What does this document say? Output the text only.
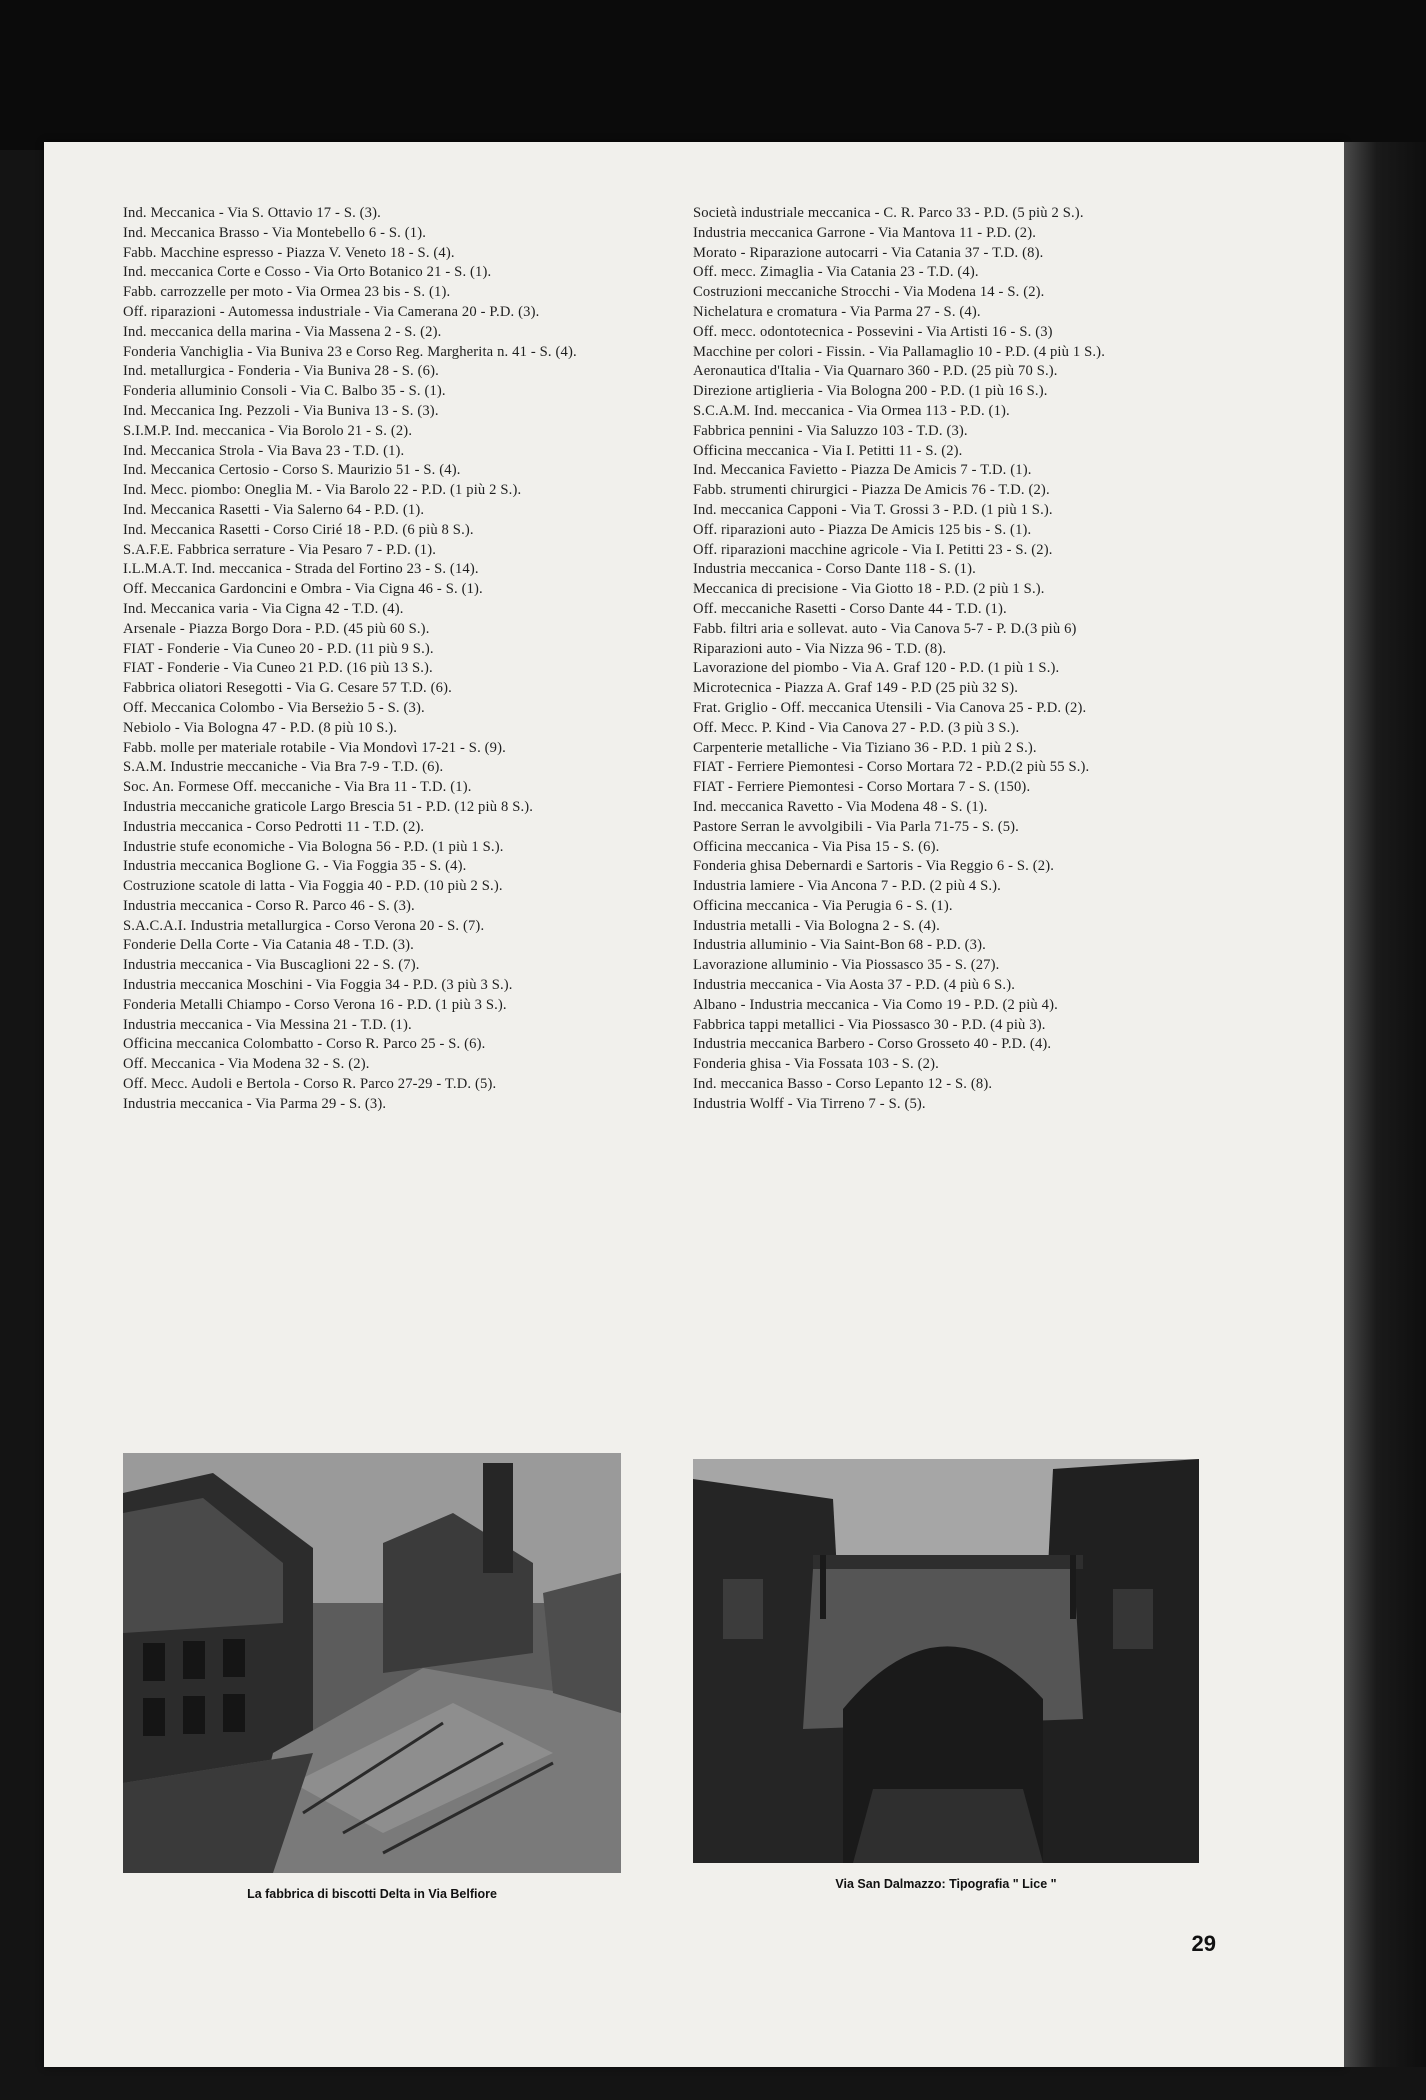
Ind. Meccanica - Via S. Ottavio 17 - S. (3).

Ind. Meccanica Brasso - Via Montebello 6 - S. (1).

Fabb. Macchine espresso - Piazza V. Veneto 18 - S. (4).

Ind. meccanica Corte e Cosso - Via Orto Botanico 21 - S. (1).

Fabb. carrozzelle per moto - Via Ormea 23 bis - S. (1).

Off. riparazioni - Automessa industriale - Via Camerana 20 - P.D. (3).

Ind. meccanica della marina - Via Massena 2 - S. (2).

Fonderia Vanchiglia - Via Buniva 23 e Corso Reg. Margherita n. 41 - S. (4).

Ind. metallurgica - Fonderia - Via Buniva 28 - S. (6).

Fonderia alluminio Consoli - Via C. Balbo 35 - S. (1).

Ind. Meccanica Ing. Pezzoli - Via Buniva 13 - S. (3).

S.I.M.P. Ind. meccanica - Via Borolo 21 - S. (2).

Ind. Meccanica Strola - Via Bava 23 - T.D. (1).

Ind. Meccanica Certosio - Corso S. Maurizio 51 - S. (4).

Ind. Mecc. piombo: Oneglia M. - Via Barolo 22 - P.D. (1 più 2 S.).

Ind. Meccanica Rasetti - Via Salerno 64 - P.D. (1).

Ind. Meccanica Rasetti - Corso Cirié 18 - P.D. (6 più 8 S.).

S.A.F.E. Fabbrica serrature - Via Pesaro 7 - P.D. (1).

I.L.M.A.T. Ind. meccanica - Strada del Fortino 23 - S. (14).

Off. Meccanica Gardoncini e Ombra - Via Cigna 46 - S. (1).

Ind. Meccanica varia - Via Cigna 42 - T.D. (4).

Arsenale - Piazza Borgo Dora - P.D. (45 più 60 S.).

FIAT - Fonderie - Via Cuneo 20 - P.D. (11 più 9 S.).

FIAT - Fonderie - Via Cuneo 21 P.D. (16 più 13 S.).

Fabbrica oliatori Resegotti - Via G. Cesare 57 T.D. (6).

Off. Meccanica Colombo - Via Berseżio 5 - S. (3).

Nebiolo - Via Bologna 47 - P.D. (8 più 10 S.).

Fabb. molle per materiale rotabile - Via Mondovì 17-21 - S. (9).

S.A.M. Industrie meccaniche - Via Bra 7-9 - T.D. (6).

Soc. An. Formese Off. meccaniche - Via Bra 11 - T.D. (1).

Industria meccaniche graticole Largo Brescia 51 - P.D. (12 più 8 S.).

Industria meccanica - Corso Pedrotti 11 - T.D. (2).

Industrie stufe economiche - Via Bologna 56 - P.D. (1 più 1 S.).

Industria meccanica Boglione G. - Via Foggia 35 - S. (4).

Costruzione scatole di latta - Via Foggia 40 - P.D. (10 più 2 S.).

Industria meccanica - Corso R. Parco 46 - S. (3).

S.A.C.A.I. Industria metallurgica - Corso Verona 20 - S. (7).

Fonderie Della Corte - Via Catania 48 - T.D. (3).

Industria meccanica - Via Buscaglioni 22 - S. (7).

Industria meccanica Moschini - Via Foggia 34 - P.D. (3 più 3 S.).

Fonderia Metalli Chiampo - Corso Verona 16 - P.D. (1 più 3 S.).

Industria meccanica - Via Messina 21 - T.D. (1).

Officina meccanica Colombatto - Corso R. Parco 25 - S. (6).

Off. Meccanica - Via Modena 32 - S. (2).

Off. Mecc. Audoli e Bertola - Corso R. Parco 27-29 - T.D. (5).

Industria meccanica - Via Parma 29 - S. (3).

Società industriale meccanica - C. R. Parco 33 - P.D. (5 più 2 S.).

Industria meccanica Garrone - Via Mantova 11 - P.D. (2).

Morato - Riparazione autocarri - Via Catania 37 - T.D. (8).

Off. mecc. Zimaglia - Via Catania 23 - T.D. (4).

Costruzioni meccaniche Strocchi - Via Modena 14 - S. (2).

Nichelatura e cromatura - Via Parma 27 - S. (4).

Off. mecc. odontotecnica - Possevini - Via Artisti 16 - S. (3)

Macchine per colori - Fissin. - Via Pallamaglio 10 - P.D. (4 più 1 S.).

Aeronautica d'Italia - Via Quarnaro 360 - P.D. (25 più 70 S.).

Direzione artiglieria - Via Bologna 200 - P.D. (1 più 16 S.).

S.C.A.M. Ind. meccanica - Via Ormea 113 - P.D. (1).

Fabbrica pennini - Via Saluzzo 103 - T.D. (3).

Officina meccanica - Via I. Petitti 11 - S. (2).

Ind. Meccanica Favietto - Piazza De Amicis 7 - T.D. (1).

Fabb. strumenti chirurgici - Piazza De Amicis 76 - T.D. (2).

Ind. meccanica Capponi - Via T. Grossi 3 - P.D. (1 più 1 S.).

Off. riparazioni auto - Piazza De Amicis 125 bis - S. (1).

Off. riparazioni macchine agricole - Via I. Petitti 23 - S. (2).

Industria meccanica - Corso Dante 118 - S. (1).

Meccanica di precisione - Via Giotto 18 - P.D. (2 più 1 S.).

Off. meccaniche Rasetti - Corso Dante 44 - T.D. (1).

Fabb. filtri aria e sollevat. auto - Via Canova 5-7 - P. D.(3 più 6)

Riparazioni auto - Via Nizza 96 - T.D. (8).

Lavorazione del piombo - Via A. Graf 120 - P.D. (1 più 1 S.).

Microtecnica - Piazza A. Graf 149 - P.D (25 più 32 S).

Frat. Griglio - Off. meccanica Utensili - Via Canova 25 - P.D. (2).

Off. Mecc. P. Kind - Via Canova 27 - P.D. (3 più 3 S.).

Carpenterie metalliche - Via Tiziano 36 - P.D. 1 più 2 S.).

FIAT - Ferriere Piemontesi - Corso Mortara 72 - P.D.(2 più 55 S.).

FIAT - Ferriere Piemontesi - Corso Mortara 7 - S. (150).

Ind. meccanica Ravetto - Via Modena 48 - S. (1).

Pastore Serran le avvolgibili - Via Parla 71-75 - S. (5).

Officina meccanica - Via Pisa 15 - S. (6).

Fonderia ghisa Debernardi e Sartoris - Via Reggio 6 - S. (2).

Industria lamiere - Via Ancona 7 - P.D. (2 più 4 S.).

Officina meccanica - Via Perugia 6 - S. (1).

Industria metalli - Via Bologna 2 - S. (4).

Industria alluminio - Via Saint-Bon 68 - P.D. (3).

Lavorazione alluminio - Via Piossasco 35 - S. (27).

Industria meccanica - Via Aosta 37 - P.D. (4 più 6 S.).

Albano - Industria meccanica - Via Como 19 - P.D. (2 più 4).

Fabbrica tappi metallici - Via Piossasco 30 - P.D. (4 più 3).

Industria meccanica Barbero - Corso Grosseto 40 - P.D. (4).

Fonderia ghisa - Via Fossata 103 - S. (2).

Ind. meccanica Basso - Corso Lepanto 12 - S. (8).

Industria Wolff - Via Tirreno 7 - S. (5).

La fabbrica di biscotti Delta in Via Belfiore
Via San Dalmazzo: Tipografia " Lice "
29
